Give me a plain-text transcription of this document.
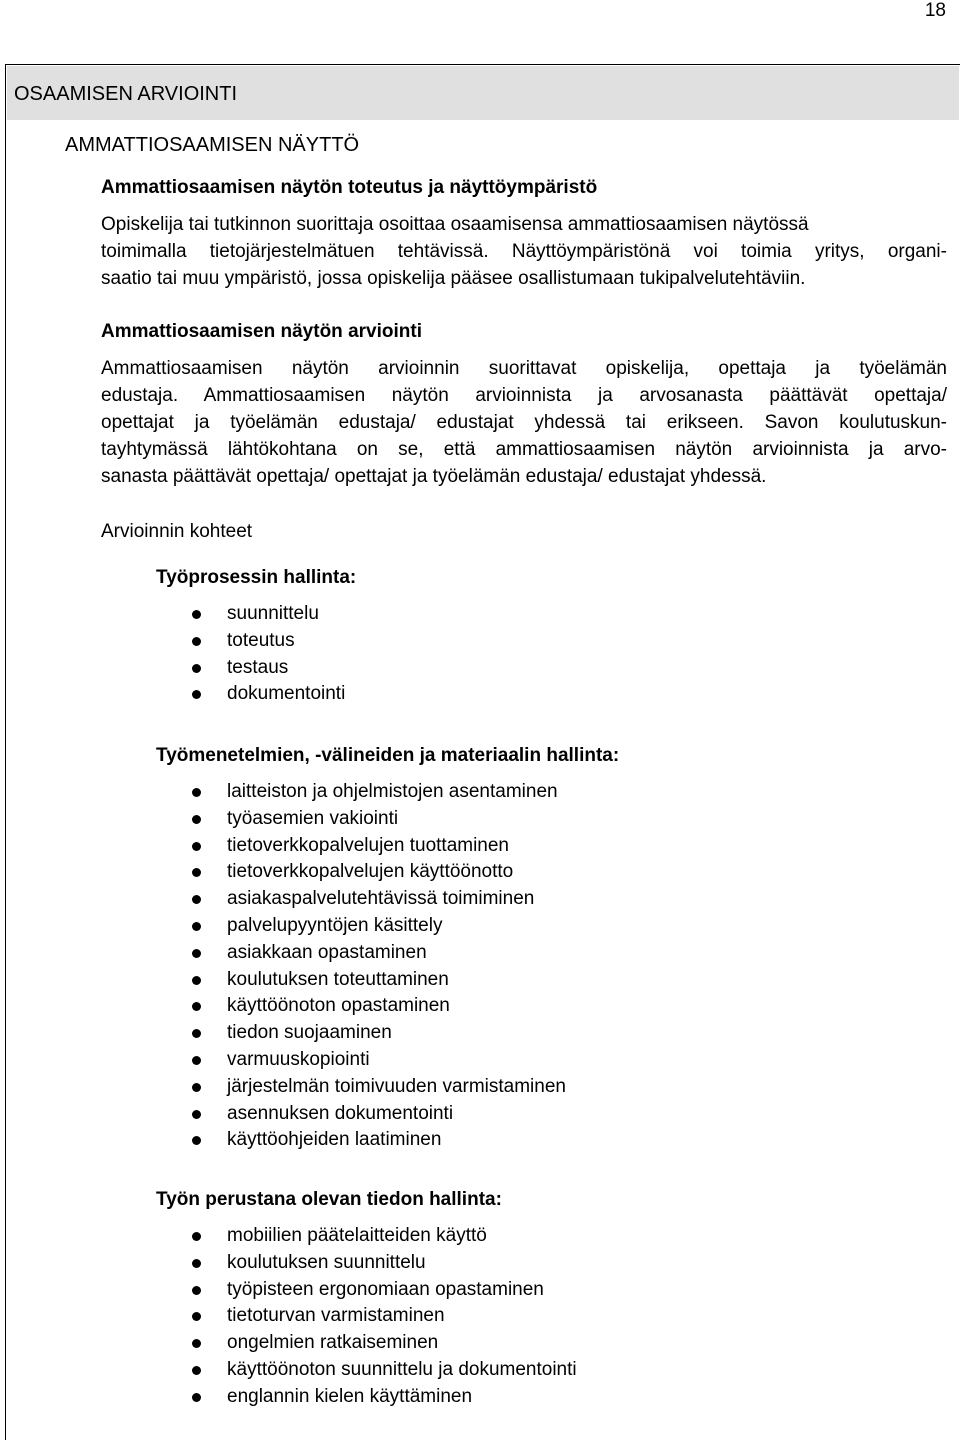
18
OSAAMISEN ARVIOINTI
AMMATTIOSAAMISEN NÄYTTÖ
Ammattiosaamisen näytön toteutus ja näyttöympäristö

Opiskelija tai tutkinnon suorittaja osoittaa osaamisensa ammattiosaamisen näytössä

toimimalla tietojärjestelmätuen tehtävissä. Näyttöympäristönä voi toimia yritys, organi-

saatio tai muu ympäristö, jossa opiskelija pääsee osallistumaan tukipalvelutehtäviin.

Ammattiosaamisen näytön arviointi

Ammattiosaamisen näytön arvioinnin suorittavat opiskelija, opettaja ja työelämän

edustaja. Ammattiosaamisen näytön arvioinnista ja arvosanasta päättävät opettaja/

opettajat ja työelämän edustaja/ edustajat yhdessä tai erikseen. Savon koulutuskun-

tayhtymässä lähtökohtana on se, että ammattiosaamisen näytön arvioinnista ja arvo-

sanasta päättävät opettaja/ opettajat ja työelämän edustaja/ edustajat yhdessä.

Arvioinnin kohteet
Työprosessin hallinta:
suunnittelu
toteutus
testaus
dokumentointi
Työmenetelmien, -välineiden ja materiaalin hallinta:
laitteiston ja ohjelmistojen asentaminen
työasemien vakiointi
tietoverkkopalvelujen tuottaminen
tietoverkkopalvelujen käyttöönotto
asiakaspalvelutehtävissä toimiminen
palvelupyyntöjen käsittely
asiakkaan opastaminen
koulutuksen toteuttaminen
käyttöönoton opastaminen
tiedon suojaaminen
varmuuskopiointi
järjestelmän toimivuuden varmistaminen
asennuksen dokumentointi
käyttöohjeiden laatiminen
Työn perustana olevan tiedon hallinta:
mobiilien päätelaitteiden käyttö
koulutuksen suunnittelu
työpisteen ergonomiaan opastaminen
tietoturvan varmistaminen
ongelmien ratkaiseminen
käyttöönoton suunnittelu ja dokumentointi
englannin kielen käyttäminen
